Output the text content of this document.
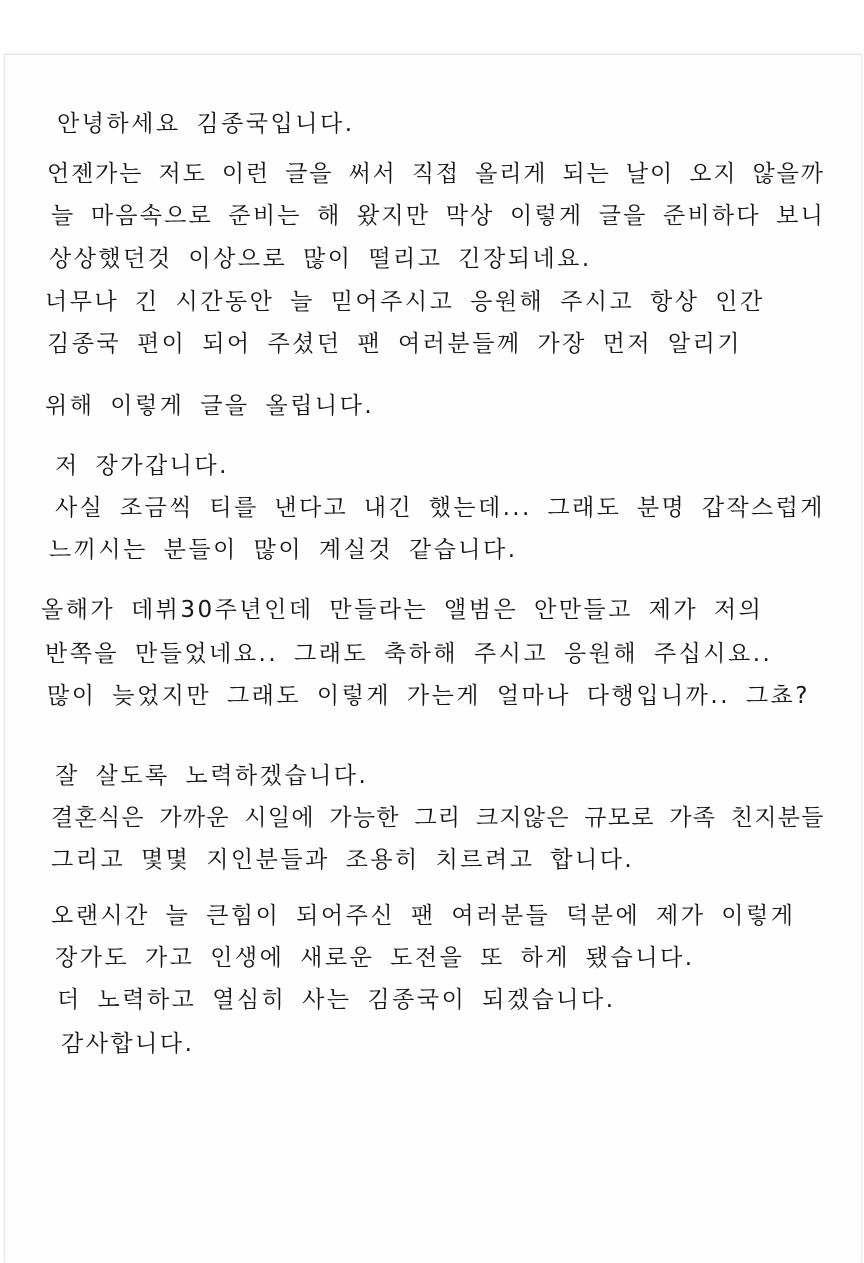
안녕하세요 김종국입니다.
언젠가는 저도 이런 글을 써서 직접 올리게 되는 날이 오지 않을까
늘 마음속으로 준비는 해 왔지만 막상 이렇게 글을 준비하다 보니
상상했던것 이상으로 많이 떨리고 긴장되네요.
너무나 긴 시간동안 늘 믿어주시고 응원해 주시고 항상 인간
김종국 편이 되어 주셨던 팬 여러분들께 가장 먼저 알리기
위해 이렇게 글을 올립니다.
저 장가갑니다.
사실 조금씩 티를 낸다고 내긴 했는데... 그래도 분명 갑작스럽게
느끼시는 분들이 많이 계실것 같습니다.
올해가 데뷔30주년인데 만들라는 앨범은 안만들고 제가 저의
반쪽을 만들었네요.. 그래도 축하해 주시고 응원해 주십시요..
많이 늦었지만 그래도 이렇게 가는게 얼마나 다행입니까.. 그쵸?
잘 살도록 노력하겠습니다.
결혼식은 가까운 시일에 가능한 그리 크지않은 규모로 가족 친지분들
그리고 몇몇 지인분들과 조용히 치르려고 합니다.
오랜시간 늘 큰힘이 되어주신 팬 여러분들 덕분에 제가 이렇게
장가도 가고 인생에 새로운 도전을 또 하게 됐습니다.
더 노력하고 열심히 사는 김종국이 되겠습니다.
감사합니다.
